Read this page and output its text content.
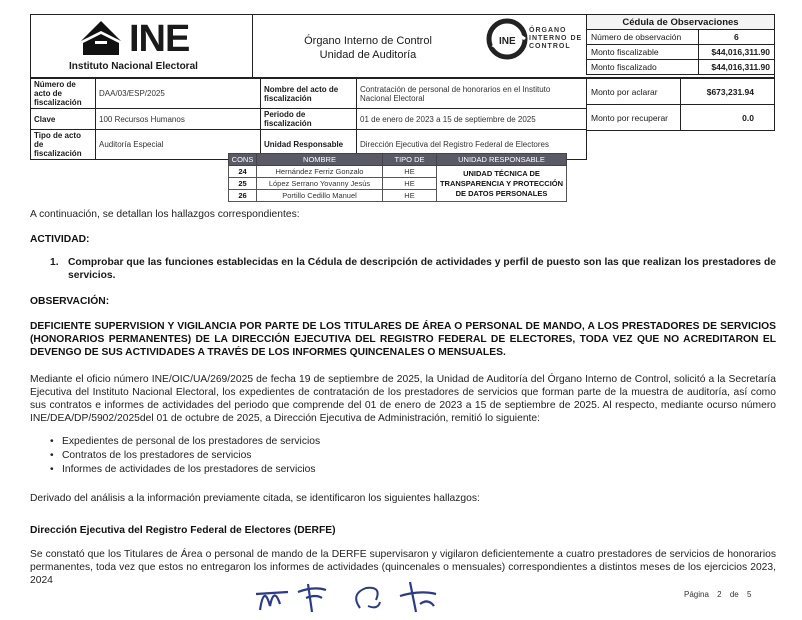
INE
Instituto Nacional Electoral
Órgano Interno de Control
Unidad de Auditoría
INE
ÓRGANO
INTERNO DE
CONTROL
Cédula de Observaciones	
Número de observación	6
Monto fiscalizable	$44,016,311.90
Monto fiscalizado	$44,016,311.90
Número de acto de fiscalización	DAA/03/ESP/2025	Nombre del acto de fiscalización	Contratación de personal de honorarios en el Instituto Nacional Electoral
Clave	100 Recursos Humanos	Periodo de fiscalización	01 de enero de 2023 a 15 de septiembre de 2025
Tipo de acto de fiscalización	Auditoría Especial	Unidad Responsable	Dirección Ejecutiva del Registro Federal de Electores
Monto por aclarar	$673,231.94
Monto por recuperar	0.0
CONS	NOMBRE	TIPO DE	UNIDAD RESPONSABLE
24	Hernández Ferriz Gonzalo	HE	UNIDAD TÉCNICA DE TRANSPARENCIA Y PROTECCIÓN DE DATOS PERSONALES
25	López Serrano Yovanny Jesús	HE	
26	Portillo Cedillo Manuel	HE	
A continuación, se detallan los hallazgos correspondientes:
ACTIVIDAD:
1. Comprobar que las funciones establecidas en la Cédula de descripción de actividades y perfil de puesto son las que realizan los prestadores de servicios.
OBSERVACIÓN:
DEFICIENTE SUPERVISION Y VIGILANCIA POR PARTE DE LOS TITULARES DE ÁREA O PERSONAL DE MANDO, A LOS PRESTADORES DE SERVICIOS (HONORARIOS PERMANENTES) DE LA DIRECCIÓN EJECUTIVA DEL REGISTRO FEDERAL DE ELECTORES, TODA VEZ QUE NO ACREDITARON EL DEVENGO DE SUS ACTIVIDADES A TRAVÉS DE LOS INFORMES QUINCENALES O MENSUALES.
Mediante el oficio número INE/OIC/UA/269/2025 de fecha 19 de septiembre de 2025, la Unidad de Auditoría del Órgano Interno de Control, solicitó a la Secretaría Ejecutiva del Instituto Nacional Electoral, los expedientes de contratación de los prestadores de servicios que forman parte de la muestra de auditoría, así como sus contratos e informes de actividades del periodo que comprende del 01 de enero de 2023 a 15 de septiembre de 2025. Al respecto, mediante ocurso número INE/DEA/DP/5902/2025del 01 de octubre de 2025, a Dirección Ejecutiva de Administración, remitió lo siguiente:
• Expedientes de personal de los prestadores de servicios
• Contratos de los prestadores de servicios
• Informes de actividades de los prestadores de servicios
Derivado del análisis a la información previamente citada, se identificaron los siguientes hallazgos:
Dirección Ejecutiva del Registro Federal de Electores (DERFE)
Se constató que los Titulares de Área o personal de mando de la DERFE supervisaron y vigilaron deficientemente a cuatro prestadores de servicios de honorarios permanentes, toda vez que estos no entregaron los informes de actividades (quincenales o mensuales) correspondientes a distintos meses de los ejercicios 2023, 2024
Página 2 de 5
